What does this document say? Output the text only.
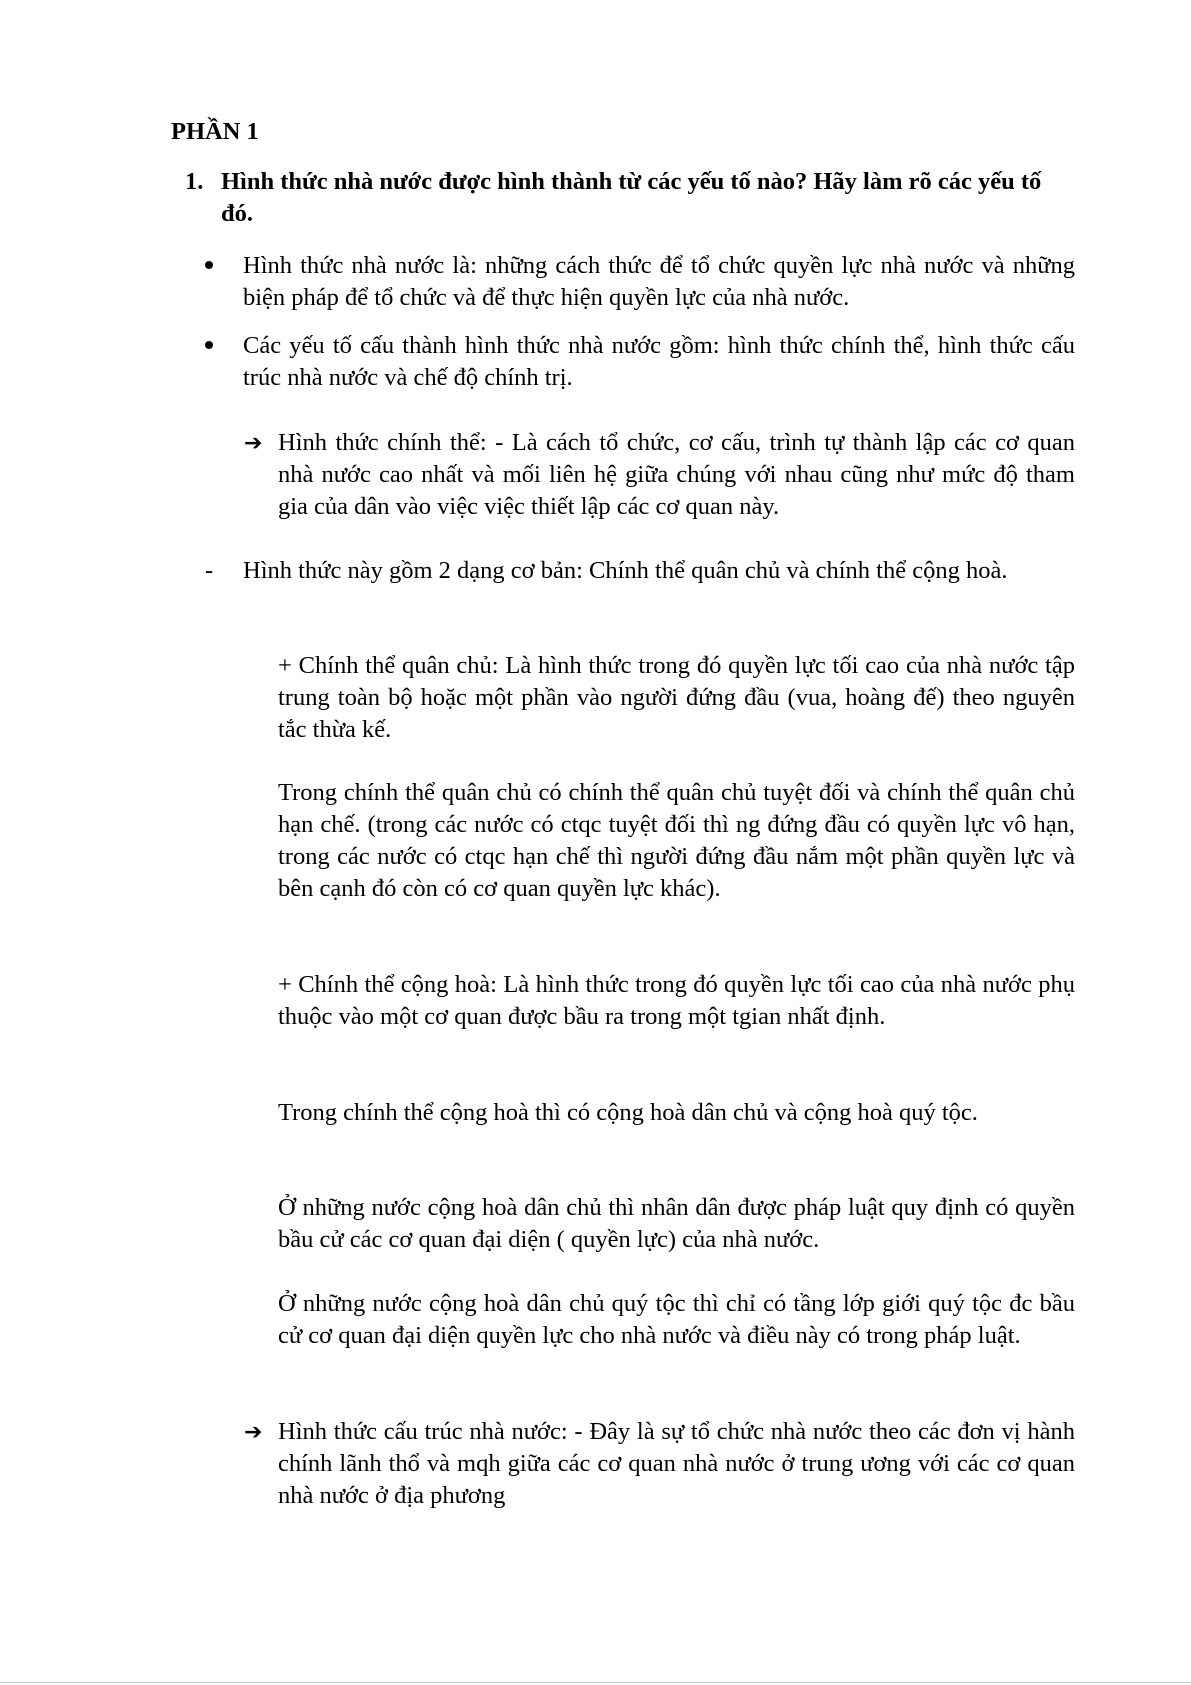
PHẦN 1
1. Hình thức nhà nước được hình thành từ các yếu tố nào? Hãy làm rõ các yếu tố đó.
Hình thức nhà nước là: những cách thức để tổ chức quyền lực nhà nước và những biện pháp để tổ chức và để thực hiện quyền lực của nhà nước.
Các yếu tố cấu thành hình thức nhà nước gồm: hình thức chính thể, hình thức cấu trúc nhà nước và chế độ chính trị.
➔ Hình thức chính thể: - Là cách tổ chức, cơ cấu, trình tự thành lập các cơ quan nhà nước cao nhất và mối liên hệ giữa chúng với nhau cũng như mức độ tham gia của dân vào việc việc thiết lập các cơ quan này.
- Hình thức này gồm 2 dạng cơ bản: Chính thể quân chủ và chính thể cộng hoà.

+ Chính thể quân chủ: Là hình thức trong đó quyền lực tối cao của nhà nước tập trung toàn bộ hoặc một phần vào người đứng đầu (vua, hoàng đế) theo nguyên tắc thừa kế.

Trong chính thể quân chủ có chính thể quân chủ tuyệt đối và chính thể quân chủ hạn chế. (trong các nước có ctqc tuyệt đối thì ng đứng đầu có quyền lực vô hạn, trong các nước có ctqc hạn chế thì người đứng đầu nắm một phần quyền lực và bên cạnh đó còn có cơ quan quyền lực khác).

+ Chính thể cộng hoà: Là hình thức trong đó quyền lực tối cao của nhà nước phụ thuộc vào một cơ quan được bầu ra trong một tgian nhất định.

Trong chính thể cộng hoà thì có cộng hoà dân chủ và cộng hoà quý tộc.

Ở những nước cộng hoà dân chủ thì nhân dân được pháp luật quy định có quyền bầu cử các cơ quan đại diện ( quyền lực) của nhà nước.

Ở những nước cộng hoà dân chủ quý tộc thì chỉ có tầng lớp giới quý tộc đc bầu cử cơ quan đại diện quyền lực cho nhà nước và điều này có trong pháp luật.

➔ Hình thức cấu trúc nhà nước: - Đây là sự tổ chức nhà nước theo các đơn vị hành chính lãnh thổ và mqh giữa các cơ quan nhà nước ở trung ương với các cơ quan nhà nước ở địa phương
